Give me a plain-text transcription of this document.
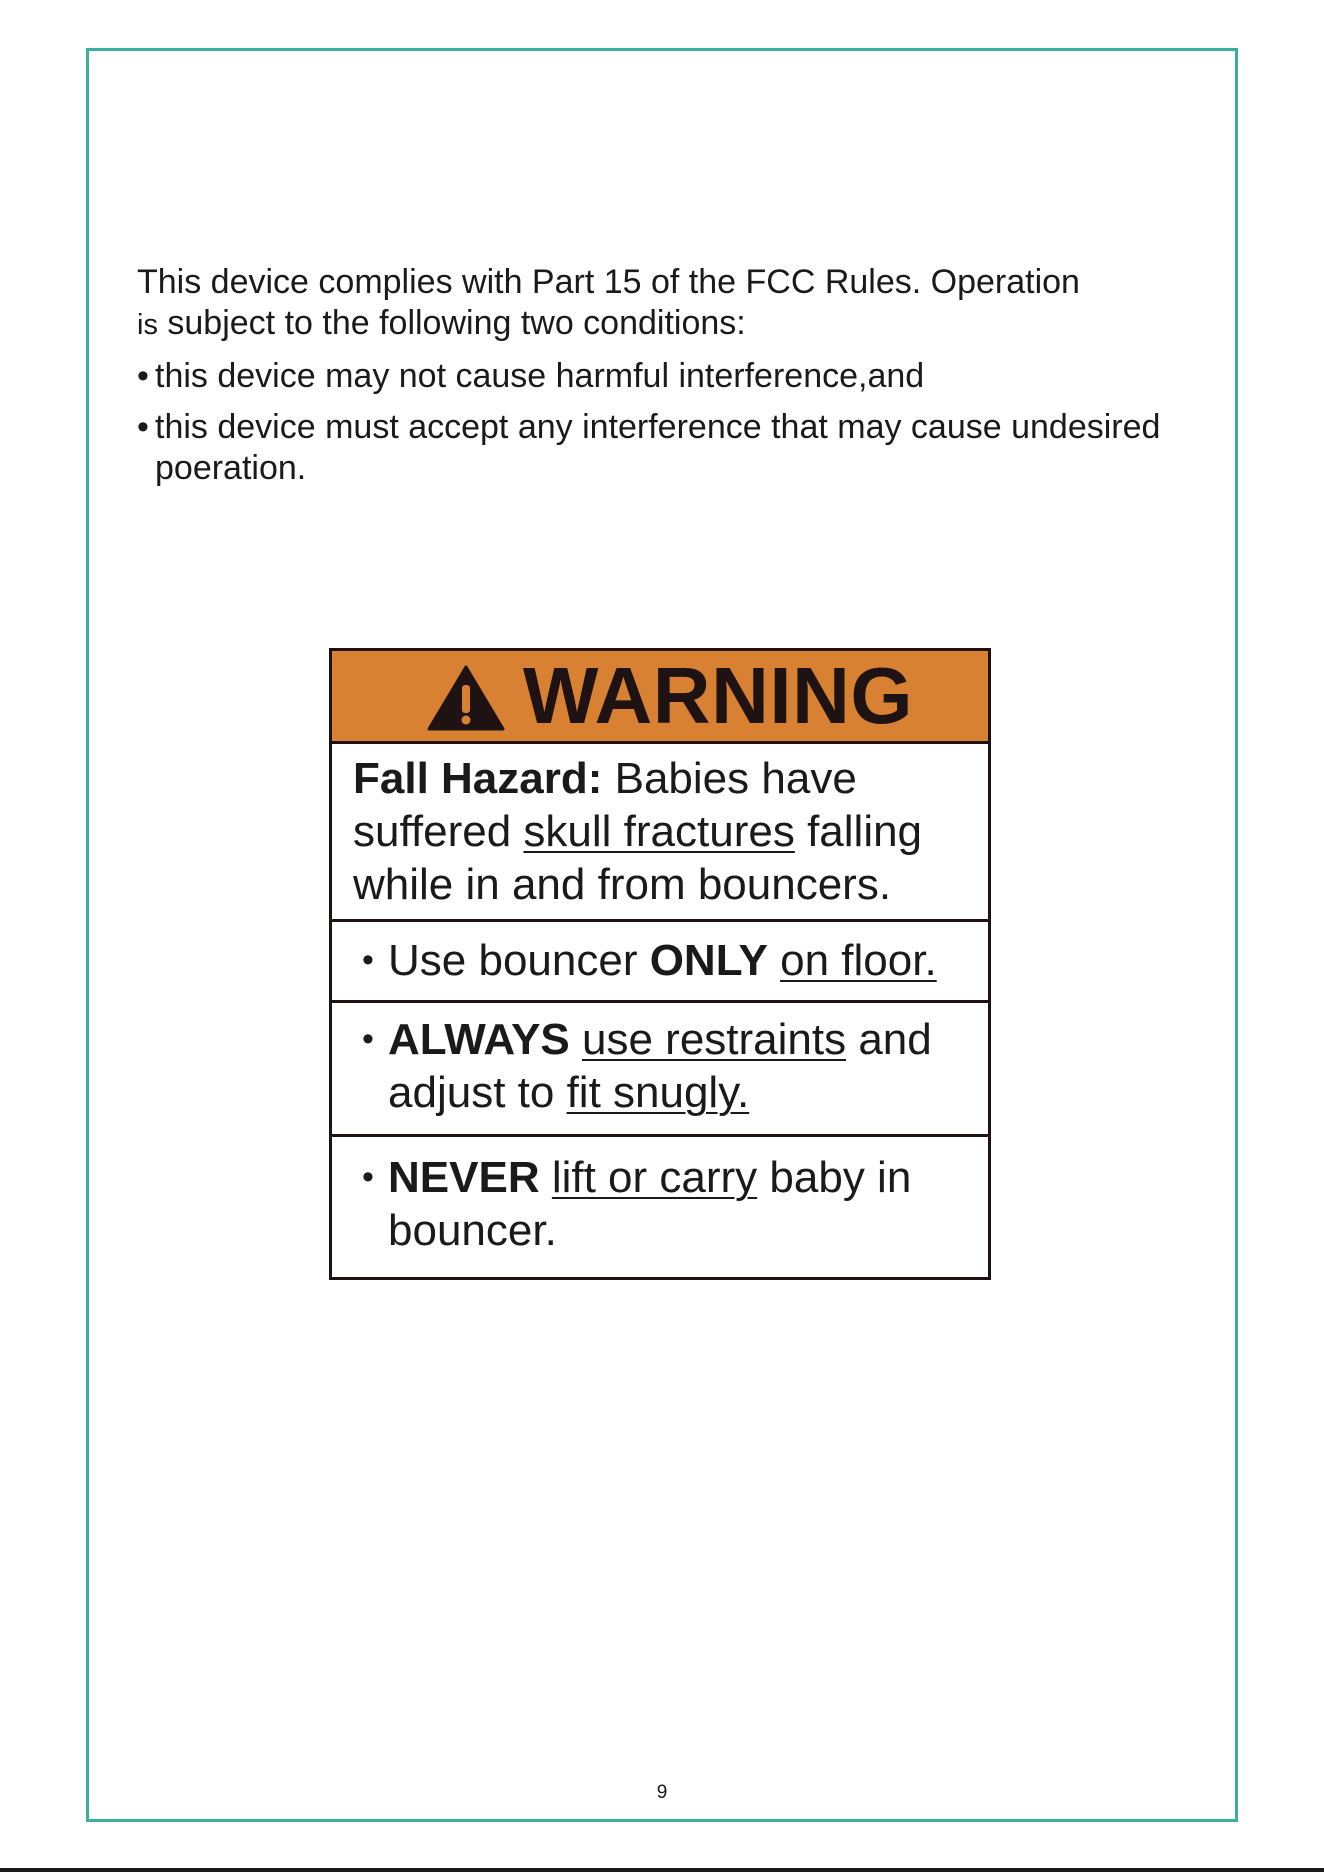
This device complies with Part 15 of the FCC Rules. Operation

is subject to the following two conditions:

• this device may not cause harmful interference,and
• this device must accept any interference that may cause undesired poeration.
WARNING
Fall Hazard: Babies have suffered skull fractures falling while in and from bouncers.
• Use bouncer ONLY on floor.
• ALWAYS use restraints and adjust to fit snugly.
• NEVER lift or carry baby in bouncer.
9
